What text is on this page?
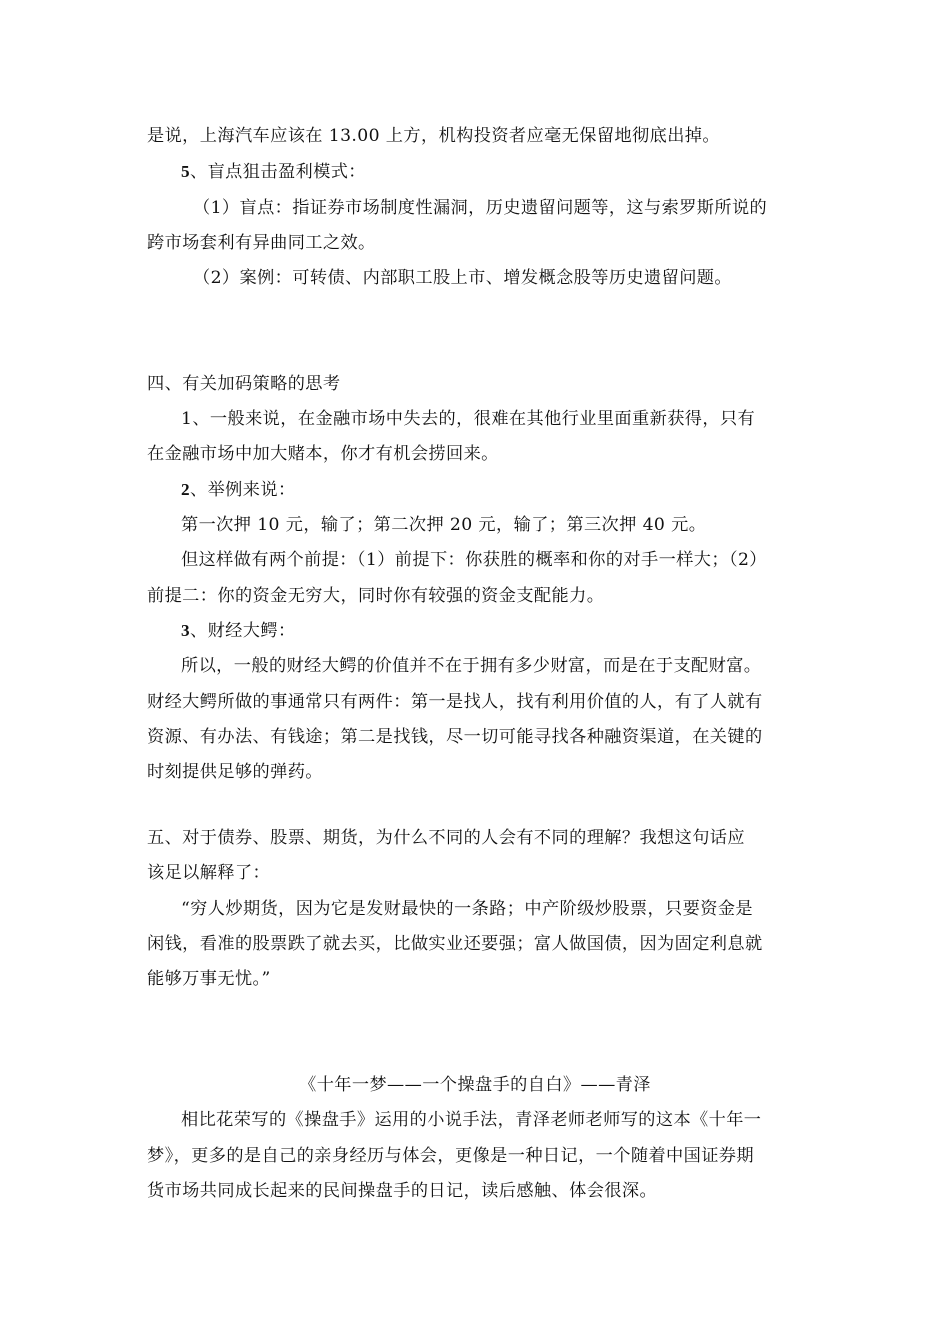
是说，上海汽车应该在 13.00 上方，机构投资者应毫无保留地彻底出掉。
5、盲点狙击盈利模式：
（1）盲点：指证券市场制度性漏洞，历史遗留问题等，这与索罗斯所说的
跨市场套利有异曲同工之效。
（2）案例：可转债、内部职工股上市、增发概念股等历史遗留问题。
四、有关加码策略的思考
1、一般来说，在金融市场中失去的，很难在其他行业里面重新获得，只有
在金融市场中加大赌本，你才有机会捞回来。
2、举例来说：
第一次押 10 元，输了；第二次押 20 元，输了；第三次押 40 元。
但这样做有两个前提：（1）前提下：你获胜的概率和你的对手一样大；（2）
前提二：你的资金无穷大，同时你有较强的资金支配能力。
3、财经大鳄：
所以，一般的财经大鳄的价值并不在于拥有多少财富，而是在于支配财富。
财经大鳄所做的事通常只有两件：第一是找人，找有利用价值的人，有了人就有
资源、有办法、有钱途；第二是找钱，尽一切可能寻找各种融资渠道，在关键的
时刻提供足够的弹药。
五、对于债券、股票、期货，为什么不同的人会有不同的理解？我想这句话应
该足以解释了：
“穷人炒期货，因为它是发财最快的一条路；中产阶级炒股票，只要资金是
闲钱，看准的股票跌了就去买，比做实业还要强；富人做国债，因为固定利息就
能够万事无忧。”
《十年一梦——一个操盘手的自白》——青泽
相比花荣写的《操盘手》运用的小说手法，青泽老师老师写的这本《十年一
梦》，更多的是自己的亲身经历与体会，更像是一种日记，一个随着中国证券期
货市场共同成长起来的民间操盘手的日记，读后感触、体会很深。
